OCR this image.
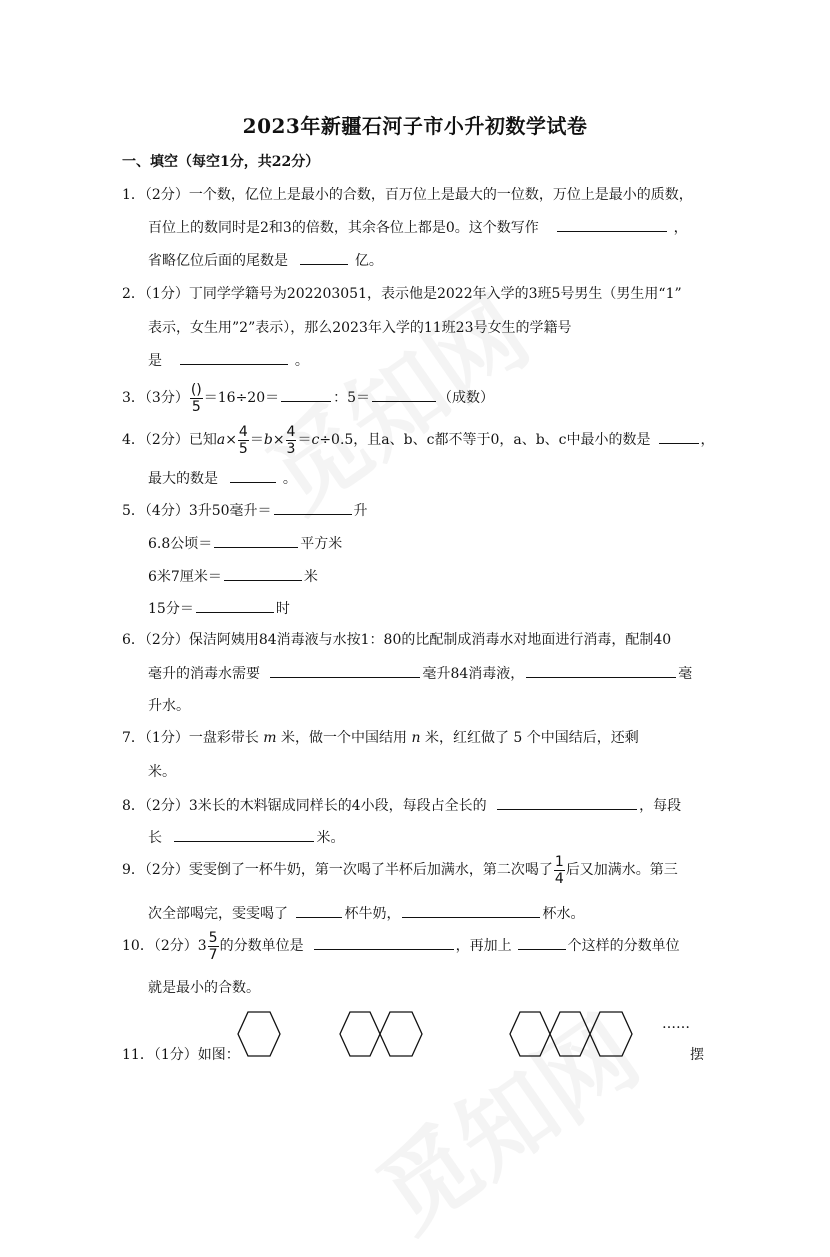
2023年新疆石河子市小升初数学试卷
一、填空（每空1分，共22分）
1．（2分）一个数，亿位上是最小的合数，百万位上是最大的一位数，万位上是最小的质数，
百位上的数同时是2和3的倍数，其余各位上都是0。这个数写作	，
省略亿位后面的尾数是	亿。
2．（1分）丁同学学籍号为202203051，表示他是2022年入学的3班5号男生（男生用“1”
表示，女生用”2”表示），那么2023年入学的11班23号女生的学籍号
是	。
3．（3分） $\frac{()}{5} =16\div 20=$	：5＝	（成数）
4．（2分）已知$a\times \frac{4}{5} =b\times \frac{4}{3} =c\div 0.5$，且a、b、c都不等于0，a、b、c中最小的数是	，
最大的数是	。
5．（4分）3升50毫升＝	升
6.8公顷＝	平方米
6米7厘米＝	米
15分＝	时
6．（2分）保洁阿姨用84消毒液与水按1：80的比配制成消毒水对地面进行消毒，配制40
毫升的消毒水需要	毫升84消毒液，	毫
升水。
7．（1分）一盘彩带长 m 米，做一个中国结用 n 米，红红做了 5 个中国结后，还剩
米。
8．（2分）3米长的木料锯成同样长的4小段，每段占全长的	，每段
长	米。
9．（2分）雯雯倒了一杯牛奶，第一次喝了半杯后加满水，第二次喝了 $\frac{1}{4}$ 后又加满水。第三
次全部喝完，雯雯喝了	杯牛奶，	杯水。
10．（2分）$3 \frac{5}{7}$ 的分数单位是	，再加上	个这样的分数单位
就是最小的合数。
……
11．（1分）如图：	摆
